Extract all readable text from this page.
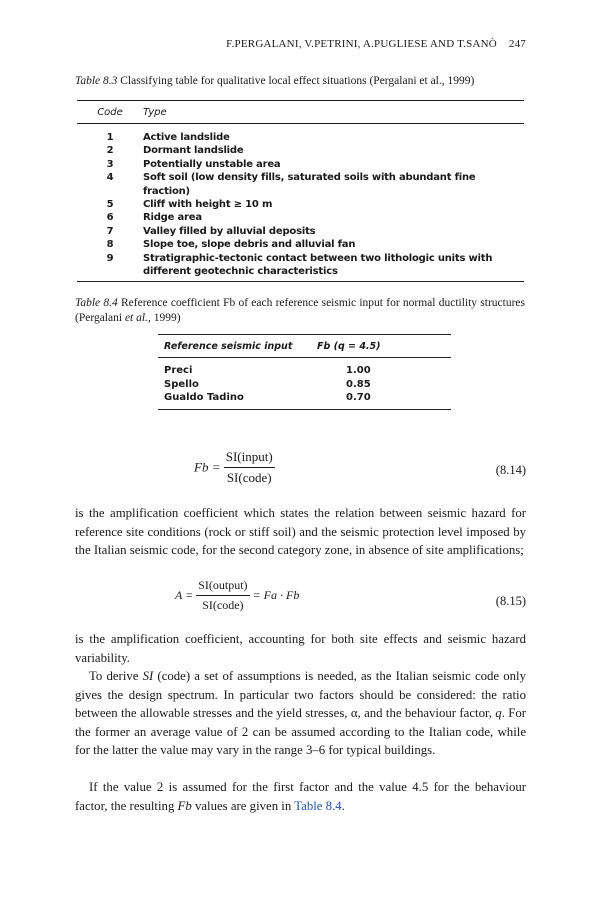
F.PERGALANI, V.PETRINI, A.PUGLIESE AND T.SANÒ 247
Table 8.3 Classifying table for qualitative local effect situations (Pergalani et al., 1999)
Code	Type
1	Active landslide
2	Dormant landslide
3	Potentially unstable area
4	Soft soil (low density fills, saturated soils with abundant fine fraction)
5	Cliff with height ≥ 10 m
6	Ridge area
7	Valley filled by alluvial deposits
8	Slope toe, slope debris and alluvial fan
9	Stratigraphic-tectonic contact between two lithologic units with different geotechnic characteristics
Table 8.4 Reference coefficient Fb of each reference seismic input for normal ductility structures (Pergalani et al., 1999)
Reference seismic input	Fb (q = 4.5)
Preci	1.00
Spello	0.85
Gualdo Tadino	0.70
$Fb = \frac{\text{SI(input)}}{\text{SI(code)}}$	(8.14)
is the amplification coefficient which states the relation between seismic hazard for reference site conditions (rock or stiff soil) and the seismic protection level imposed by the Italian seismic code, for the second category zone, in absence of site amplifications;
$A = \frac{\text{SI(output)}}{\text{SI(code)}} = Fa \cdot Fb$	(8.15)
is the amplification coefficient, accounting for both site effects and seismic hazard variability.
To derive SI (code) a set of assumptions is needed, as the Italian seismic code only gives the design spectrum. In particular two factors should be considered: the ratio between the allowable stresses and the yield stresses, α, and the behaviour factor, q. For the former an average value of 2 can be assumed according to the Italian code, while for the latter the value may vary in the range 3–6 for typical buildings.
If the value 2 is assumed for the first factor and the value 4.5 for the behaviour factor, the resulting Fb values are given in Table 8.4.
